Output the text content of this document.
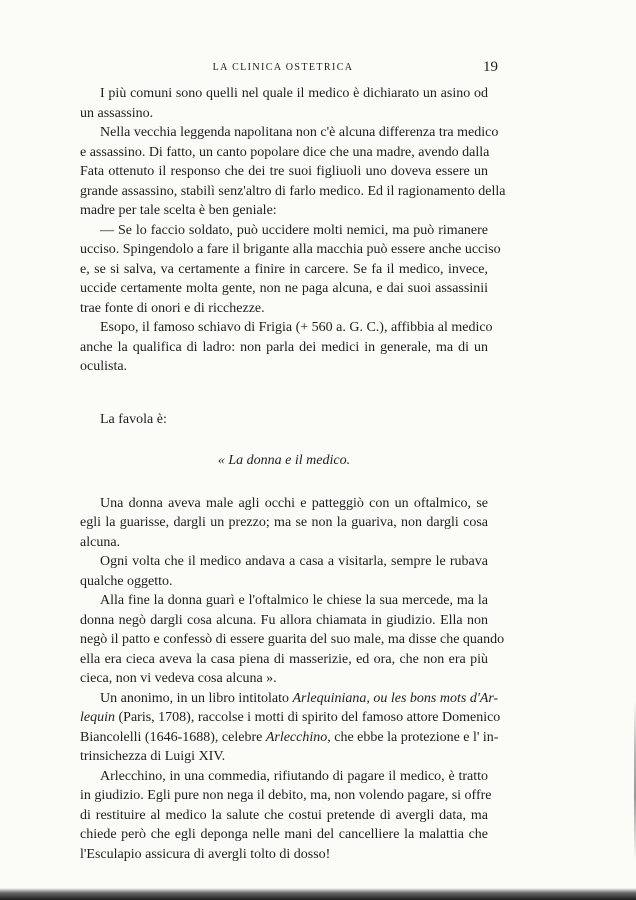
LA CLINICA OSTETRICA	19

I più comuni sono quelli nel quale il medico è dichiarato un asino od
un assassino.

Nella vecchia leggenda napolitana non c'è alcuna differenza tra medico
e assassino. Di fatto, un canto popolare dice che una madre, avendo dalla
Fata ottenuto il responso che dei tre suoi figliuoli uno doveva essere un
grande assassino, stabilì senz'altro di farlo medico. Ed il ragionamento della
madre per tale scelta è ben geniale:

— Se lo faccio soldato, può uccidere molti nemici, ma può rimanere
ucciso. Spingendolo a fare il brigante alla macchia può essere anche ucciso
e, se si salva, va certamente a finire in carcere. Se fa il medico, invece,
uccide certamente molta gente, non ne paga alcuna, e dai suoi assassinii
trae fonte di onori e di ricchezze.

Esopo, il famoso schiavo di Frigia (+ 560 a. G. C.), affibbia al medico
anche la qualifica di ladro: non parla dei medici in generale, ma di un
oculista.

La favola è:

« La donna e il medico.

Una donna aveva male agli occhi e patteggiò con un oftalmico, se
egli la guarisse, dargli un prezzo; ma se non la guariva, non dargli cosa
alcuna.

Ogni volta che il medico andava a casa a visitarla, sempre le rubava
qualche oggetto.

Alla fine la donna guarì e l'oftalmico le chiese la sua mercede, ma la
donna negò dargli cosa alcuna. Fu allora chiamata in giudizio. Ella non
negò il patto e confessò di essere guarita del suo male, ma disse che quando
ella era cieca aveva la casa piena di masserizie, ed ora, che non era più
cieca, non vi vedeva cosa alcuna ».

Un anonimo, in un libro intitolato Arlequiniana, ou les bons mots d'Ar-
lequin (Paris, 1708), raccolse i motti di spirito del famoso attore Domenico
Biancolelli (1646-1688), celebre Arlecchino, che ebbe la protezione e l' in-
trinsichezza di Luigi XIV.

Arlecchino, in una commedia, rifiutando di pagare il medico, è tratto
in giudizio. Egli pure non nega il debito, ma, non volendo pagare, si offre
di restituire al medico la salute che costui pretende di avergli data, ma
chiede però che egli deponga nelle mani del cancelliere la malattia che
l'Esculapio assicura di avergli tolto di dosso!
